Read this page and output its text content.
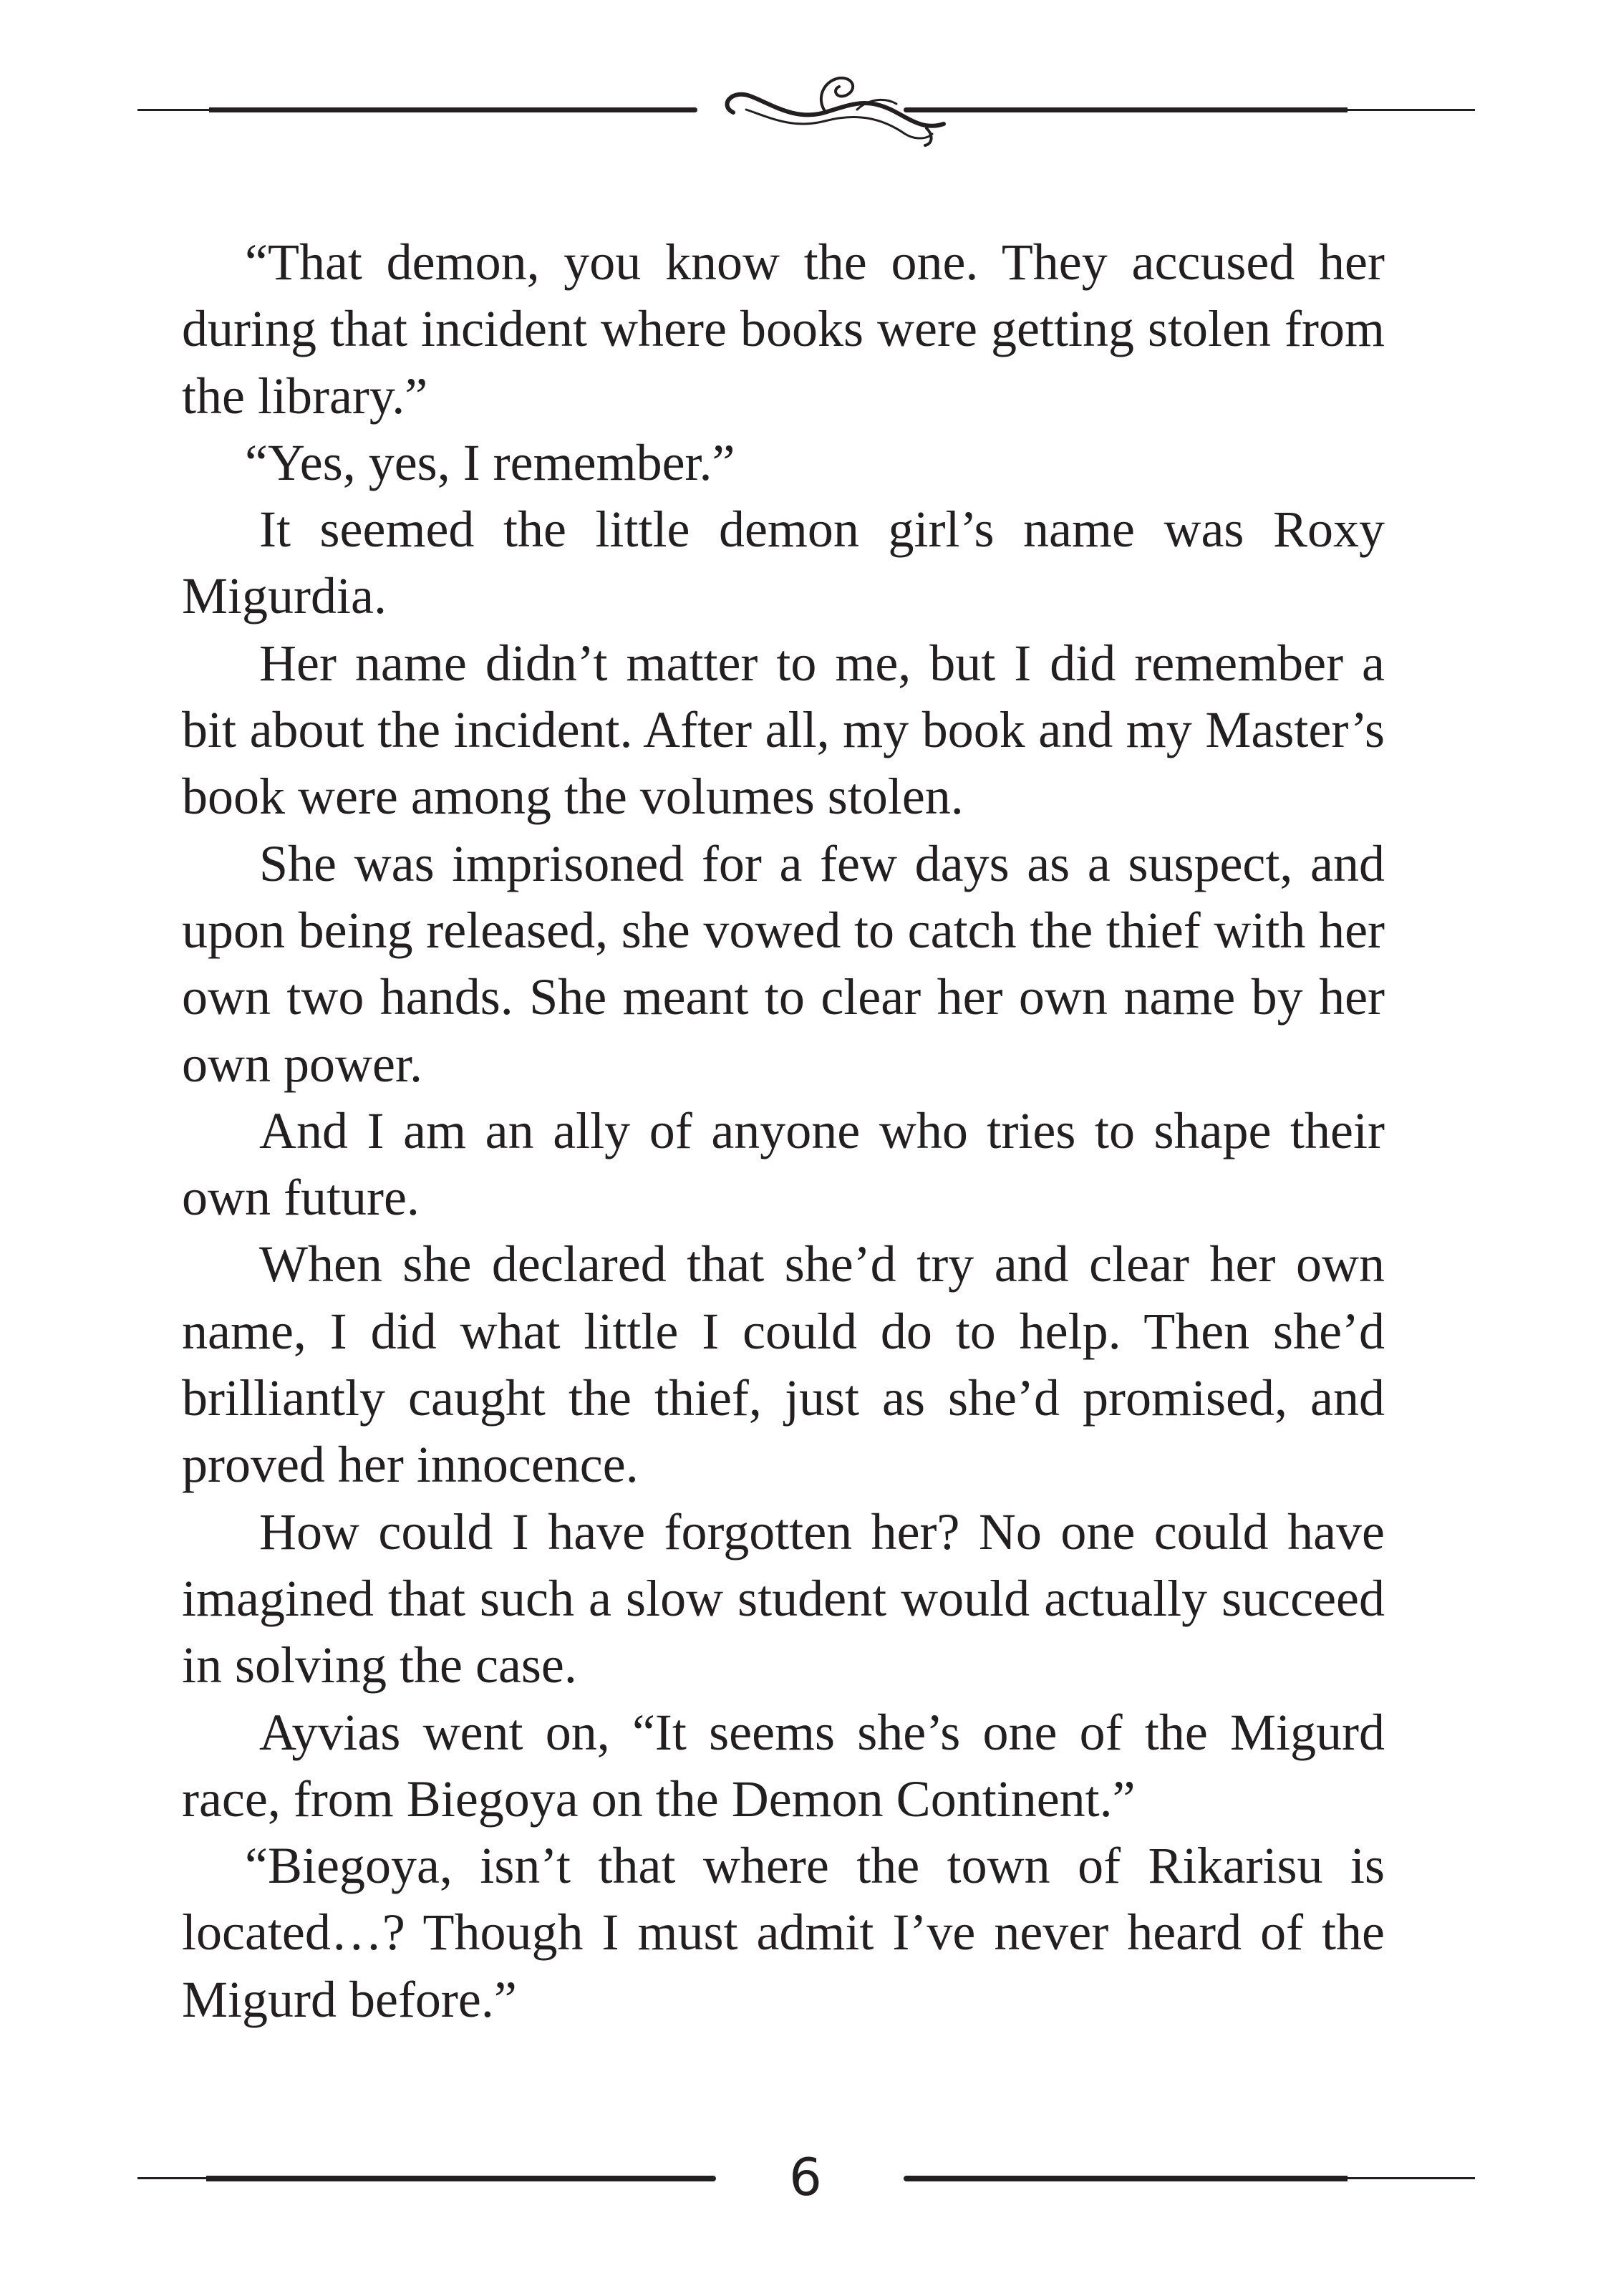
“That demon, you know the one. They accused her during that incident where books were getting stolen from the library.”

“Yes, yes, I remember.”

It seemed the little demon girl’s name was Roxy Migurdia.

Her name didn’t matter to me, but I did remember a bit about the incident. After all, my book and my Master’s book were among the volumes stolen.

She was imprisoned for a few days as a suspect, and upon being released, she vowed to catch the thief with her own two hands. She meant to clear her own name by her own power.

And I am an ally of anyone who tries to shape their own future.

When she declared that she’d try and clear her own name, I did what little I could do to help. Then she’d brilliantly caught the thief, just as she’d promised, and proved her innocence.

How could I have forgotten her? No one could have imagined that such a slow student would actually succeed in solving the case.

Ayvias went on, “It seems she’s one of the Migurd race, from Biegoya on the Demon Continent.”

“Biegoya, isn’t that where the town of Rikarisu is located…? Though I must admit I’ve never heard of the Migurd before.”

6
